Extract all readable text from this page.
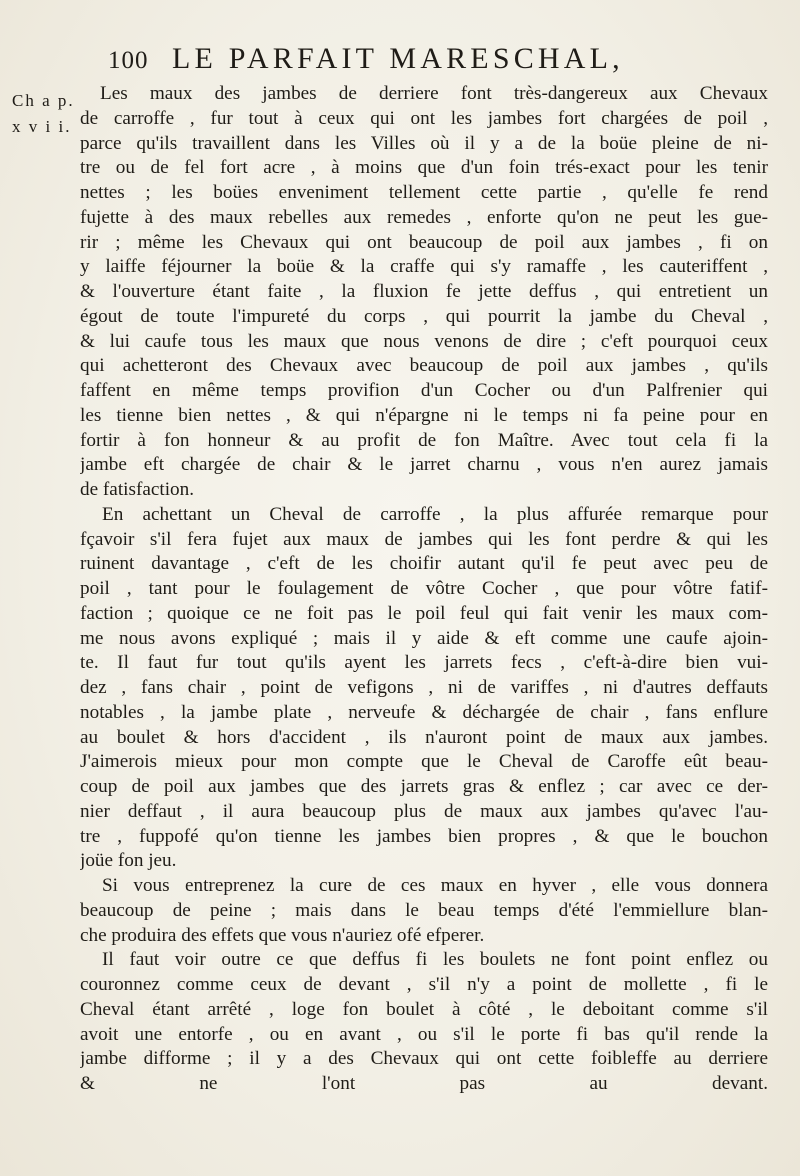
100 LE PARFAIT MARESCHAL,
Ch a p.
x v i i.
Les maux des jambes de derriere font très-dangereux aux Chevaux
de carroffe , fur tout à ceux qui ont les jambes fort chargées de poil ,
parce qu'ils travaillent dans les Villes où il y a de la boüe pleine de ni-
tre ou de fel fort acre , à moins que d'un foin trés-exact pour les tenir
nettes ; les boües enveniment tellement cette partie , qu'elle fe rend
fujette à des maux rebelles aux remedes , enforte qu'on ne peut les gue-
rir ; même les Chevaux qui ont beaucoup de poil aux jambes , fi on
y laiffe féjourner la boüe & la craffe qui s'y ramaffe , les cauteriffent ,
& l'ouverture étant faite , la fluxion fe jette deffus , qui entretient un
égout de toute l'impureté du corps , qui pourrit la jambe du Cheval ,
& lui caufe tous les maux que nous venons de dire ; c'eft pourquoi ceux
qui achetteront des Chevaux avec beaucoup de poil aux jambes , qu'ils
faffent en même temps provifion d'un Cocher ou d'un Palfrenier qui
les tienne bien nettes , & qui n'épargne ni le temps ni fa peine pour en
fortir à fon honneur & au profit de fon Maître. Avec tout cela fi la
jambe eft chargée de chair & le jarret charnu , vous n'en aurez jamais
de fatisfaction.
En achettant un Cheval de carroffe , la plus affurée remarque pour
fçavoir s'il fera fujet aux maux de jambes qui les font perdre & qui les
ruinent davantage , c'eft de les choifir autant qu'il fe peut avec peu de
poil , tant pour le foulagement de vôtre Cocher , que pour vôtre fatif-
faction ; quoique ce ne foit pas le poil feul qui fait venir les maux com-
me nous avons expliqué ; mais il y aide & eft comme une caufe ajoin-
te. Il faut fur tout qu'ils ayent les jarrets fecs , c'eft-à-dire bien vui-
dez , fans chair , point de vefigons , ni de variffes , ni d'autres deffauts
notables , la jambe plate , nerveufe & déchargée de chair , fans enflure
au boulet & hors d'accident , ils n'auront point de maux aux jambes.
J'aimerois mieux pour mon compte que le Cheval de Caroffe eût beau-
coup de poil aux jambes que des jarrets gras & enflez ; car avec ce der-
nier deffaut , il aura beaucoup plus de maux aux jambes qu'avec l'au-
tre , fuppofé qu'on tienne les jambes bien propres , & que le bouchon
joüe fon jeu.
Si vous entreprenez la cure de ces maux en hyver , elle vous donnera
beaucoup de peine ; mais dans le beau temps d'été l'emmiellure blan-
che produira des effets que vous n'auriez ofé efperer.
Il faut voir outre ce que deffus fi les boulets ne font point enflez ou
couronnez comme ceux de devant , s'il n'y a point de mollette , fi le
Cheval étant arrêté , loge fon boulet à côté , le deboitant comme s'il
avoit une entorfe , ou en avant , ou s'il le porte fi bas qu'il rende la
jambe difforme ; il y a des Chevaux qui ont cette foibleffe au derriere
& ne l'ont pas au devant.
